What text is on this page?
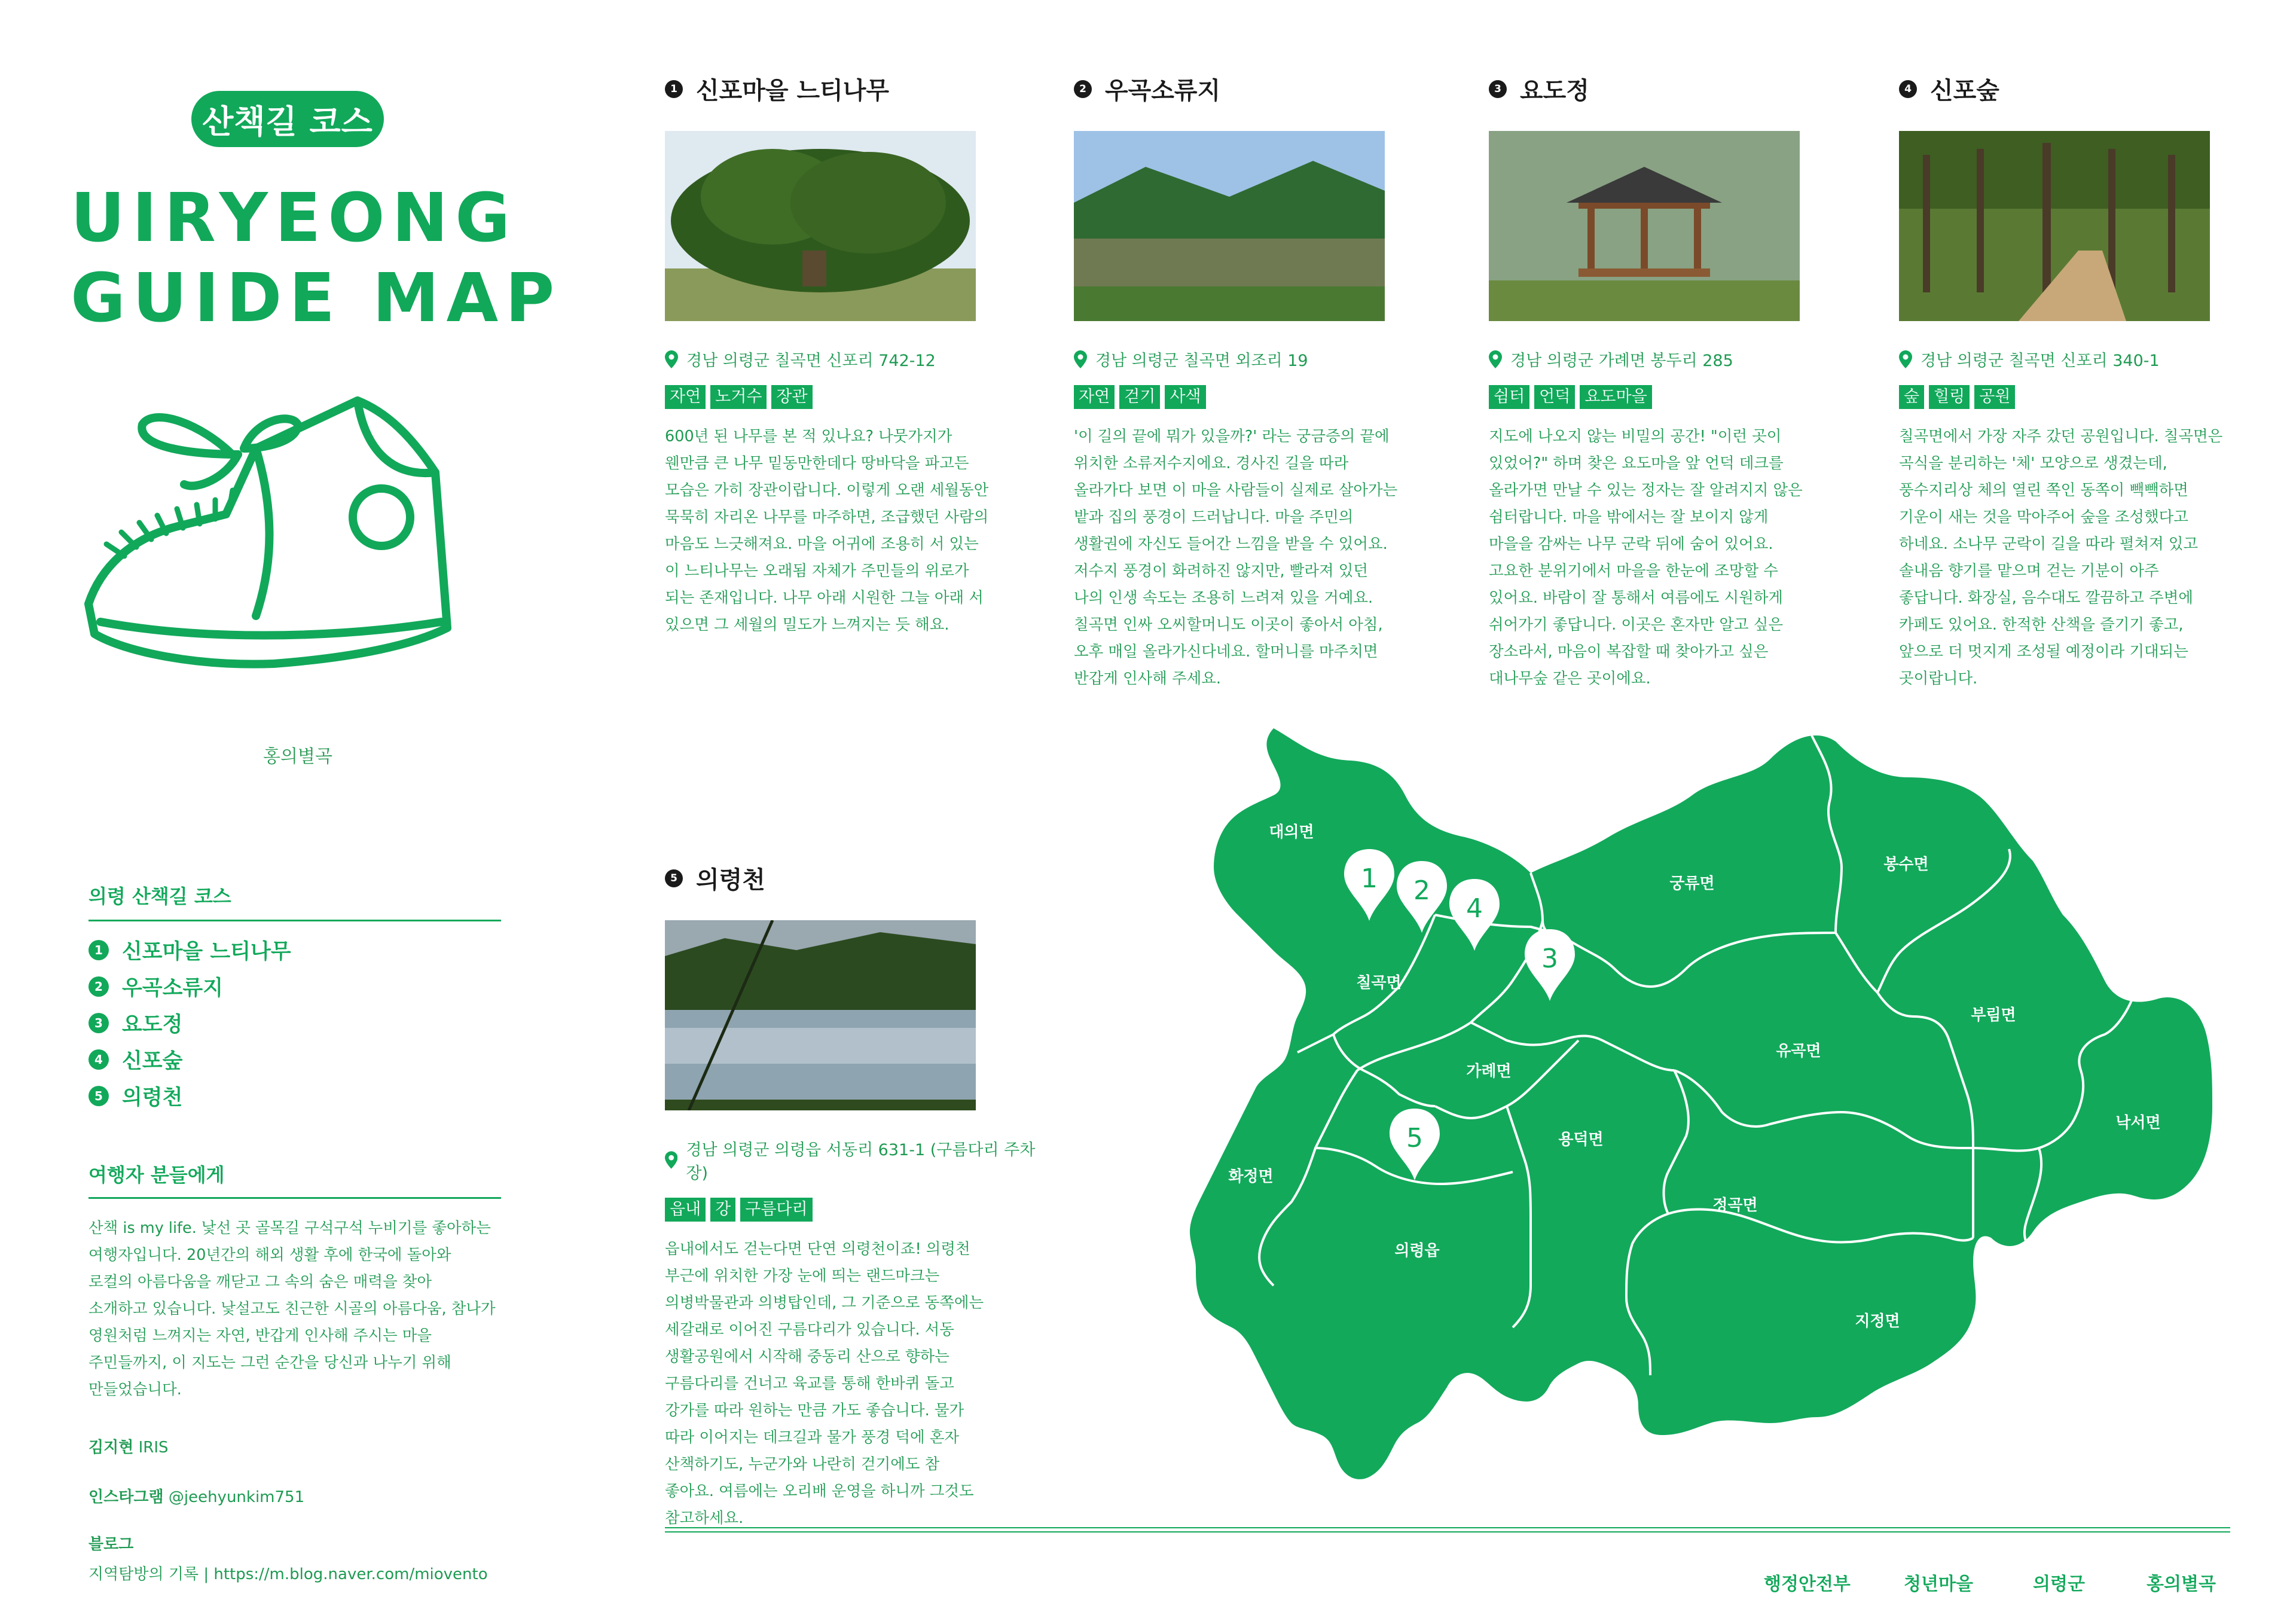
산책길 코스
UIRYEONG
GUIDE MAP
홍의별곡
의령 산책길 코스
1 신포마을 느티나무
2 우곡소류지
3 요도정
4 신포숲
5 의령천
여행자 분들에게
산책 is my life. 낯선 곳 골목길 구석구석 누비기를 좋아하는
여행자입니다. 20년간의 해외 생활 후에 한국에 돌아와
로컬의 아름다움을 깨닫고 그 속의 숨은 매력을 찾아
소개하고 있습니다. 낯설고도 친근한 시골의 아름다움, 참나가
영원처럼 느껴지는 자연, 반갑게 인사해 주시는 마을
주민들까지, 이 지도는 그런 순간을 당신과 나누기 위해
만들었습니다.
김지현 IRIS
인스타그램 @jeehyunkim751
블로그
지역탐방의 기록 | https://m.blog.naver.com/miovento
1 신포마을 느티나무
경남 의령군 칠곡면 신포리 742-12
자연 노거수 장관
600년 된 나무를 본 적 있나요? 나뭇가지가
웬만큼 큰 나무 밑동만한데다 땅바닥을 파고든
모습은 가히 장관이랍니다. 이렇게 오랜 세월동안
묵묵히 자리온 나무를 마주하면, 조급했던 사람의
마음도 느긋해져요. 마을 어귀에 조용히 서 있는
이 느티나무는 오래됨 자체가 주민들의 위로가
되는 존재입니다. 나무 아래 시원한 그늘 아래 서
있으면 그 세월의 밀도가 느껴지는 듯 해요.
2 우곡소류지
경남 의령군 칠곡면 외조리 19
자연 걷기 사색
'이 길의 끝에 뭐가 있을까?' 라는 궁금증의 끝에
위치한 소류저수지에요. 경사진 길을 따라
올라가다 보면 이 마을 사람들이 실제로 살아가는
밭과 집의 풍경이 드러납니다. 마을 주민의
생활권에 자신도 들어간 느낌을 받을 수 있어요.
저수지 풍경이 화려하진 않지만, 빨라져 있던
나의 인생 속도는 조용히 느려져 있을 거예요.
칠곡면 인싸 오씨할머니도 이곳이 좋아서 아침,
오후 매일 올라가신다네요. 할머니를 마주치면
반갑게 인사해 주세요.
3 요도정
경남 의령군 가례면 봉두리 285
쉼터 언덕 요도마을
지도에 나오지 않는 비밀의 공간! "이런 곳이
있었어?" 하며 찾은 요도마을 앞 언덕 데크를
올라가면 만날 수 있는 정자는 잘 알려지지 않은
쉼터랍니다. 마을 밖에서는 잘 보이지 않게
마을을 감싸는 나무 군락 뒤에 숨어 있어요.
고요한 분위기에서 마을을 한눈에 조망할 수
있어요. 바람이 잘 통해서 여름에도 시원하게
쉬어가기 좋답니다. 이곳은 혼자만 알고 싶은
장소라서, 마음이 복잡할 때 찾아가고 싶은
대나무숲 같은 곳이에요.
4 신포숲
경남 의령군 칠곡면 신포리 340-1
숲 힐링 공원
칠곡면에서 가장 자주 갔던 공원입니다. 칠곡면은
곡식을 분리하는 '체' 모양으로 생겼는데,
풍수지리상 체의 열린 쪽인 동쪽이 빽빽하면
기운이 새는 것을 막아주어 숲을 조성했다고
하네요. 소나무 군락이 길을 따라 펼쳐져 있고
솔내음 향기를 맡으며 걷는 기분이 아주
좋답니다. 화장실, 음수대도 깔끔하고 주변에
카페도 있어요. 한적한 산책을 즐기기 좋고,
앞으로 더 멋지게 조성될 예정이라 기대되는
곳이랍니다.
5 의령천
경남 의령군 의령읍 서동리 631-1 (구름다리 주차장)
읍내 강 구름다리
읍내에서도 걷는다면 단연 의령천이죠! 의령천
부근에 위치한 가장 눈에 띄는 랜드마크는
의병박물관과 의병탑인데, 그 기준으로 동쪽에는
세갈래로 이어진 구름다리가 있습니다. 서동
생활공원에서 시작해 중동리 산으로 향하는
구름다리를 건너고 육교를 통해 한바퀴 돌고
강가를 따라 원하는 만큼 가도 좋습니다. 물가
따라 이어지는 데크길과 물가 풍경 덕에 혼자
산책하기도, 누군가와 나란히 걷기에도 참
좋아요. 여름에는 오리배 운영을 하니까 그것도
참고하세요.
대의면
궁류면
봉수면
칠곡면
가례면
유곡면
부림면
낙서면
화정면
용덕면
의령읍
정곡면
지정면
1 2
4
3
5
행정안전부	청년마을	의령군	홍의별곡
